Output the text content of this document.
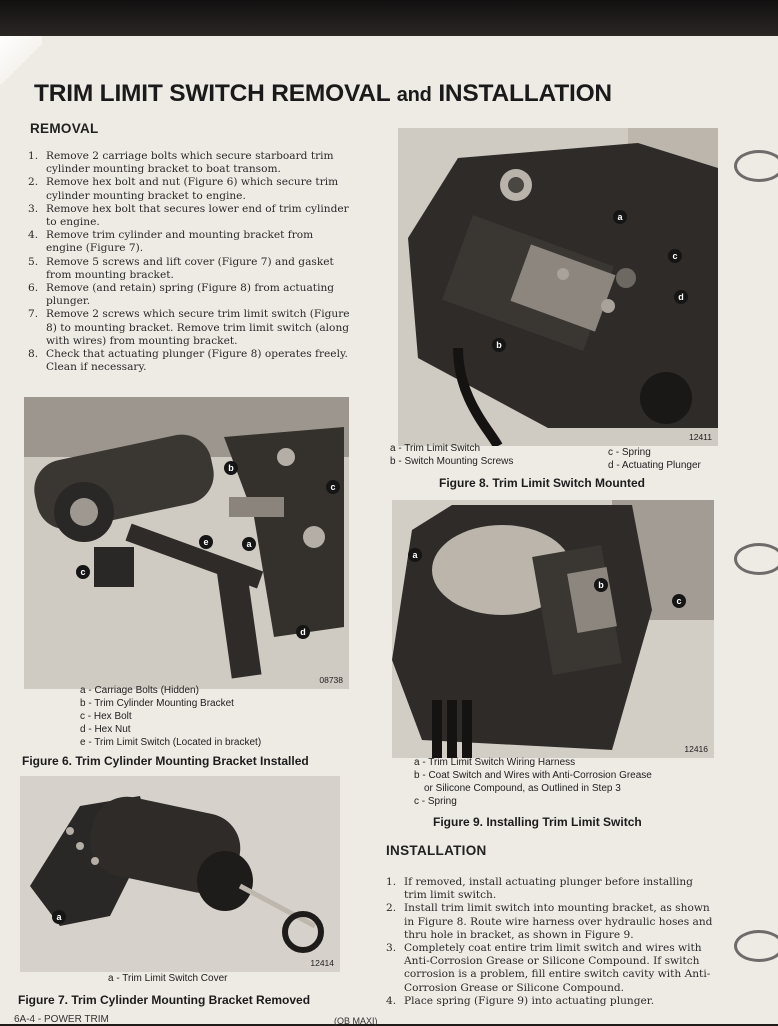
TRIM LIMIT SWITCH REMOVAL and INSTALLATION
REMOVAL
1. Remove 2 carriage bolts which secure starboard trim cylinder mounting bracket to boat transom.
2. Remove hex bolt and nut (Figure 6) which secure trim cylinder mounting bracket to engine.
3. Remove hex bolt that secures lower end of trim cylinder to engine.
4. Remove trim cylinder and mounting bracket from engine (Figure 7).
5. Remove 5 screws and lift cover (Figure 7) and gasket from mounting bracket.
6. Remove (and retain) spring (Figure 8) from actuating plunger.
7. Remove 2 screws which secure trim limit switch (Figure 8) to mounting bracket. Remove trim limit switch (along with wires) from mounting bracket.
8. Check that actuating plunger (Figure 8) operates freely. Clean if necessary.
08738
c
b
c
e	a
d
a - Carriage Bolts (Hidden)
b - Trim Cylinder Mounting Bracket
c - Hex Bolt
d - Hex Nut
e - Trim Limit Switch (Located in bracket)
Figure 6. Trim Cylinder Mounting Bracket Installed
a
12414
a - Trim Limit Switch Cover
Figure 7. Trim Cylinder Mounting Bracket Removed
a
c
d
b
12411
a - Trim Limit Switch
b - Switch Mounting Screws
c - Spring
d - Actuating Plunger
Figure 8. Trim Limit Switch Mounted
a
b
c
12416
a - Trim Limit Switch Wiring Harness
b - Coat Switch and Wires with Anti-Corrosion Grease
or Silicone Compound, as Outlined in Step 3
c - Spring
Figure 9. Installing Trim Limit Switch
INSTALLATION
1. If removed, install actuating plunger before installing trim limit switch.
2. Install trim limit switch into mounting bracket, as shown in Figure 8. Route wire harness over hydraulic hoses and thru hole in bracket, as shown in Figure 9.
3. Completely coat entire trim limit switch and wires with Anti-Corrosion Grease or Silicone Compound. If switch corrosion is a problem, fill entire switch cavity with Anti-Corrosion Grease or Silicone Compound.
4. Place spring (Figure 9) into actuating plunger.
6A-4 - POWER TRIM	(OB MAXI)
